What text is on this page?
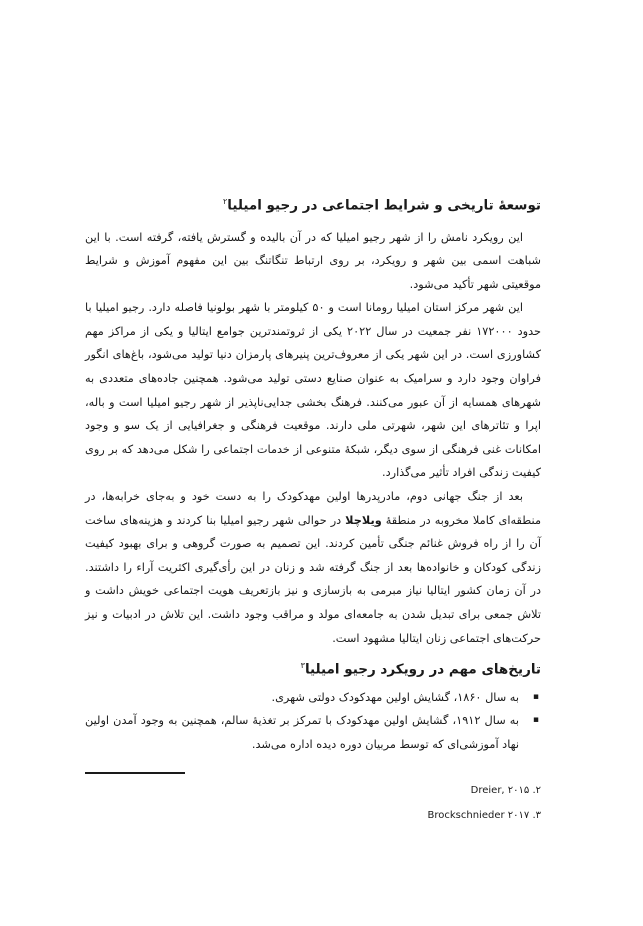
توسعهٔ تاریخی و شرایط اجتماعی در رجیو امیلیا$^۲$

این رویکرد نامش را از شهر رجیو امیلیا که در آن بالیده و گسترش یافته، گرفته است. با این شباهت اسمی بین شهر و رویکرد، بر روی ارتباط تنگاتنگ بین این مفهوم آموزش و شرایط موقعیتی شهر تأکید می‌شود.

این شهر مرکز استان امیلیا رومانا است و ۵۰ کیلومتر با شهر بولونیا فاصله دارد. رجیو امیلیا با حدود ۱۷۲۰۰۰ نفر جمعیت در سال ۲۰۲۲ یکی از ثروتمندترین جوامع ایتالیا و یکی از مراکز مهم کشاورزی است. در این شهر یکی از معروف‌ترین پنیرهای پارمزان دنیا تولید می‌شود، باغ‌های انگور فراوان وجود دارد و سرامیک به عنوان صنایع دستی تولید می‌شود. همچنین جاده‌های متعددی به شهرهای همسایه از آن عبور می‌کنند. فرهنگ بخشی جدایی‌ناپذیر از شهر رجیو امیلیا است و باله، اپرا و تئاترهای این شهر، شهرتی ملی دارند. موقعیت فرهنگی و جغرافیایی از یک سو و وجود امکانات غنی فرهنگی از سوی دیگر، شبکهٔ متنوعی از خدمات اجتماعی را شکل می‌دهد که بر روی کیفیت زندگی افراد تأثیر می‌گذارد.

بعد از جنگ جهانی دوم، مادرپدرها اولین مهدکودک را به دست خود و به‌جای خرابه‌ها، در منطقه‌ای کاملا مخروبه در منطقهٔ ویلاچلا در حوالی شهر رجیو امیلیا بنا کردند و هزینه‌های ساخت آن را از راه فروش غنائم جنگی تأمین کردند. این تصمیم به صورت گروهی و برای بهبود کیفیت زندگی کودکان و خانواده‌ها بعد از جنگ گرفته شد و زنان در این رأی‌گیری اکثریت آراء را داشتند. در آن زمان کشور ایتالیا نیاز مبرمی به بازسازی و نیز بازتعریف هویت اجتماعی خویش داشت و تلاش جمعی برای تبدیل شدن به جامعه‌ای مولد و مراقب وجود داشت. این تلاش در ادبیات و نیز حرکت‌های اجتماعی زنان ایتالیا مشهود است.

تاریخ‌های مهم در رویکرد رجیو امیلیا$^۳$
▪
به سال ۱۸۶۰، گشایش اولین مهدکودک دولتی شهری.
▪
به سال ۱۹۱۲، گشایش اولین مهدکودک با تمرکز بر تغذیهٔ سالم، همچنین به وجود آمدن اولین نهاد آموزشی‌ای که توسط مربیان دوره دیده اداره می‌شد.
Dreier, ۲۰۱۵ .۲
Brockschnieder ۲۰۱۷ .۳
